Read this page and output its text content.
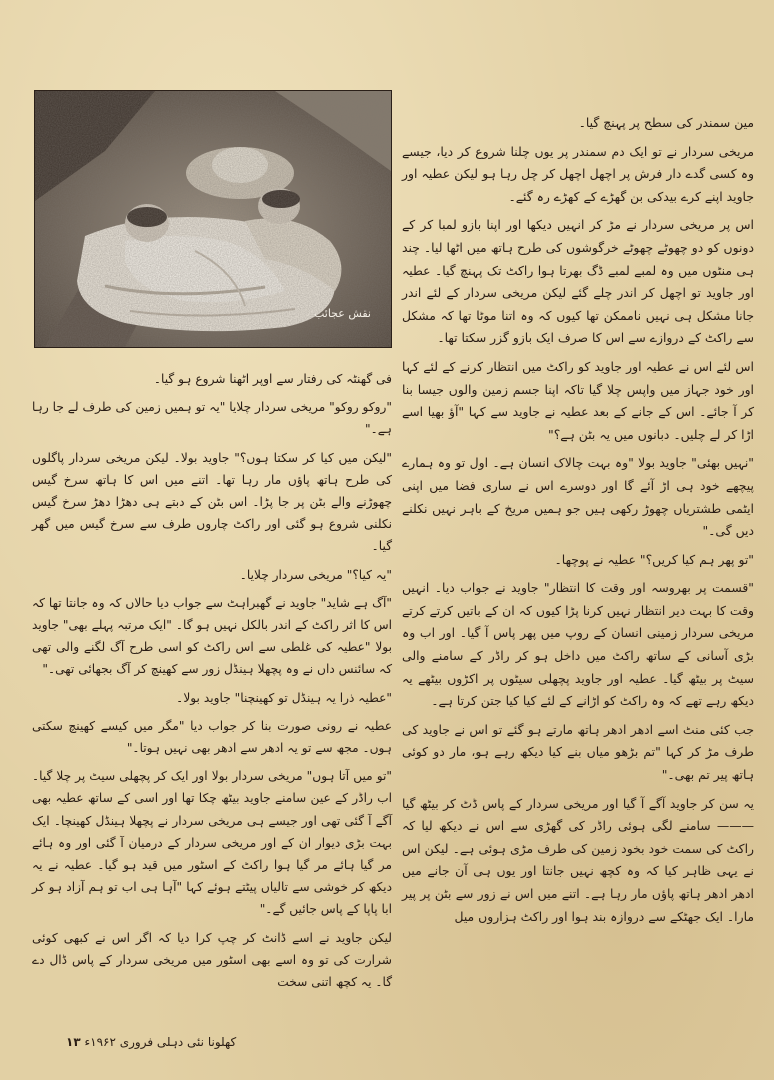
نقش عجائب

مین سمندر کی سطح پر پہنچ گیا۔

مریخی سردار نے تو ایک دم سمندر پر یوں چلنا شروع کر دیا، جیسے وہ کسی گدے دار فرش پر اچھل اچھل کر چل رہا ہو لیکن عطیہ اور جاوید اپنے کرے بیدکی بن گھڑے کے کھڑے رہ گئے۔

اس پر مریخی سردار نے مڑ کر انہیں دیکھا اور اپنا بازو لمبا کر کے دونوں کو دو چھوٹے چھوٹے خرگوشوں کی طرح ہاتھ میں اٹھا لیا۔ چند ہی منٹوں میں وہ لمبے لمبے ڈگ بھرتا ہوا راکٹ تک پہنچ گیا۔ عطیہ اور جاوید تو اچھل کر اندر چلے گئے لیکن مریخی سردار کے لئے اندر جانا مشکل ہی نہیں ناممکن تھا کیوں کہ وہ اتنا موٹا تھا کہ مشکل سے راکٹ کے دروازے سے اس کا صرف ایک بازو گزر سکتا تھا۔

اس لئے اس نے عطیہ اور جاوید کو راکٹ میں انتظار کرنے کے لئے کہا اور خود جہاز میں واپس چلا گیا تاکہ اپنا جسم زمین والوں جیسا بنا کر آ جائے۔ اس کے جانے کے بعد عطیہ نے جاوید سے کہا "آؤ بھیا اسے اڑا کر لے چلیں۔ دبانوں میں یہ بٹن ہے؟"

"نہیں بھئی" جاوید بولا "وہ بہت چالاک انسان ہے۔ اول تو وہ ہمارے پیچھے خود ہی اڑ آئے گا اور دوسرے اس نے ساری فضا میں اپنی ایٹمی طشتریاں چھوڑ رکھی ہیں جو ہمیں مریخ کے باہر نہیں نکلنے دیں گی۔"

"تو پھر ہم کیا کریں؟" عطیہ نے پوچھا۔

"قسمت پر بھروسہ اور وقت کا انتظار" جاوید نے جواب دیا۔ انہیں وقت کا بہت دیر انتظار نہیں کرنا پڑا کیوں کہ ان کے باتیں کرتے کرتے مریخی سردار زمینی انسان کے روپ میں پھر پاس آ گیا۔ اور اب وہ بڑی آسانی کے ساتھ راکٹ میں داخل ہو کر راڈر کے سامنے والی سیٹ پر بیٹھ گیا۔ عطیہ اور جاوید پچھلی سیٹوں پر اکڑوں بیٹھے یہ دیکھ رہے تھے کہ وہ راکٹ کو اڑانے کے لئے کیا کیا جتن کرتا ہے۔

جب کئی منٹ اسے ادھر ادھر ہاتھ مارتے ہو گئے تو اس نے جاوید کی طرف مڑ کر کہا "تم بڑھو میاں بنے کیا دیکھ رہے ہو، مار دو کوئی ہاتھ پیر تم بھی۔"

یہ سن کر جاوید آگے آ گیا اور مریخی سردار کے پاس ڈٹ کر بیٹھ گیا ——— سامنے لگی ہوئی راڈر کی گھڑی سے اس نے دیکھ لیا کہ راکٹ کی سمت خود بخود زمین کی طرف مڑی ہوئی ہے۔ لیکن اس نے یہی ظاہر کیا کہ وہ کچھ نہیں جانتا اور یوں ہی آن جانے میں ادھر ادھر ہاتھ پاؤں مار رہا ہے۔ اتنے میں اس نے زور سے بٹن پر پیر مارا۔ ایک جھٹکے سے دروازہ بند ہوا اور راکٹ ہزاروں میل

فی گھنٹہ کی رفتار سے اوپر اٹھنا شروع ہو گیا۔

"روکو روکو" مریخی سردار چلایا "یہ تو ہمیں زمین کی طرف لے جا رہا ہے۔"

"لیکن میں کیا کر سکتا ہوں؟" جاوید بولا۔ لیکن مریخی سردار پاگلوں کی طرح ہاتھ پاؤں مار رہا تھا۔ اتنے میں اس کا ہاتھ سرخ گیس چھوڑنے والے بٹن پر جا پڑا۔ اس بٹن کے دبتے ہی دھڑا دھڑ سرخ گیس نکلنی شروع ہو گئی اور راکٹ چاروں طرف سے سرخ گیس میں گھر گیا۔

"یہ کیا؟" مریخی سردار چلایا۔

"آگ ہے شاید" جاوید نے گھبراہٹ سے جواب دیا حالاں کہ وہ جانتا تھا کہ اس کا اثر راکٹ کے اندر بالکل نہیں ہو گا۔ "ایک مرتبہ پہلے بھی" جاوید بولا "عطیہ کی غلطی سے اس راکٹ کو اسی طرح آگ لگنے والی تھی کہ سائنس داں نے وہ پچھلا ہینڈل زور سے کھینچ کر آگ بجھائی تھی۔"

"عطیہ ذرا یہ ہینڈل تو کھینچنا" جاوید بولا۔

عطیہ نے رونی صورت بنا کر جواب دیا "مگر میں کیسے کھینچ سکتی ہوں۔ مجھ سے تو یہ ادھر سے ادھر بھی نہیں ہوتا۔"

"تو میں آتا ہوں" مریخی سردار بولا اور ایک کر پچھلی سیٹ پر چلا گیا۔ اب راڈر کے عین سامنے جاوید بیٹھ چکا تھا اور اسی کے ساتھ عطیہ بھی آگے آ گئی تھی اور جیسے ہی مریخی سردار نے پچھلا ہینڈل کھینچا۔ ایک بہت بڑی دیوار ان کے اور مریخی سردار کے درمیان آ گئی اور وہ ہائے مر گیا ہائے مر گیا ہوا راکٹ کے اسٹور میں قید ہو گیا۔ عطیہ نے یہ دیکھ کر خوشی سے تالیاں پیٹتے ہوئے کہا "آہا ہی اب تو ہم آزاد ہو کر ابا پاپا کے پاس جائیں گے۔"

لیکن جاوید نے اسے ڈانٹ کر چپ کرا دیا کہ اگر اس نے کبھی کوئی شرارت کی تو وہ اسے بھی اسٹور میں مریخی سردار کے پاس ڈال دے گا۔ یہ کچھ اتنی سخت

کھلونا نئی دہلی فروری ۱۹۶۲ء ۱۳
